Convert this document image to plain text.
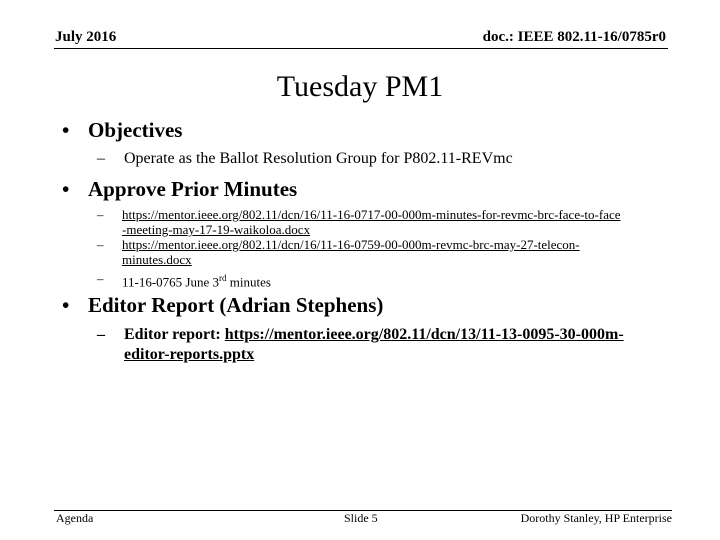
July 2016	doc.: IEEE 802.11-16/0785r0
Tuesday PM1
• Objectives
– Operate as the Ballot Resolution Group for P802.11-REVmc
• Approve Prior Minutes
– https://mentor.ieee.org/802.11/dcn/16/11-16-0717-00-000m-minutes-for-revmc-brc-face-to-face
-meeting-may-17-19-waikoloa.docx
– https://mentor.ieee.org/802.11/dcn/16/11-16-0759-00-000m-revmc-brc-may-27-telecon-
minutes.docx
– 11-16-0765 June 3rd minutes
• Editor Report (Adrian Stephens)
– Editor report: https://mentor.ieee.org/802.11/dcn/13/11-13-0095-30-000m-
editor-reports.pptx
Agenda	Slide 5	Dorothy Stanley, HP Enterprise
